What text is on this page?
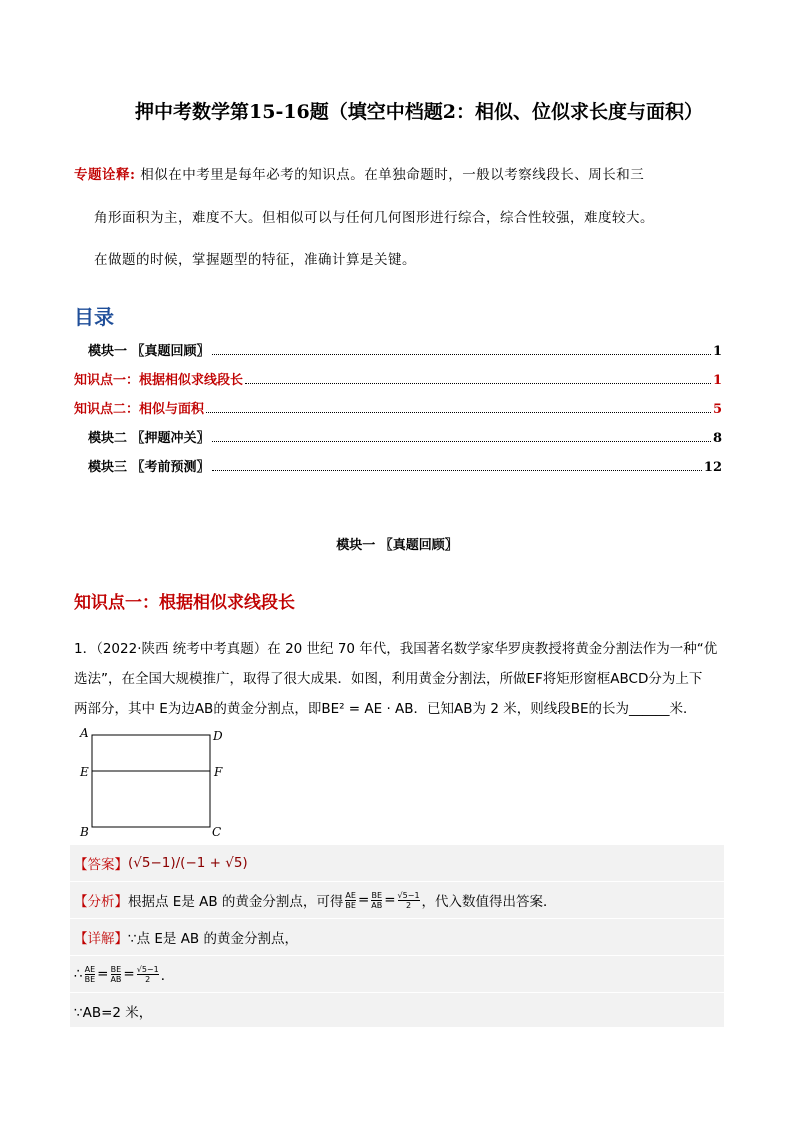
押中考数学第15-16题（填空中档题2：相似、位似求长度与面积）
专题诠释: 相似在中考里是每年必考的知识点。在单独命题时，一般以考察线段长、周长和三
角形面积为主，难度不大。但相似可以与任何几何图形进行综合，综合性较强，难度较大。
在做题的时候，掌握题型的特征，准确计算是关键。
目录
模块一 〖真题回顾〗	1
知识点一：根据相似求线段长	1
知识点二：相似与面积	5
模块二 〖押题冲关〗	8
模块三 〖考前预测〗	12
模块一 〖真题回顾〗
知识点一：根据相似求线段长
1．（2022·陕西 统考中考真题）在 20 世纪 70 年代，我国著名数学家华罗庚教授将黄金分割法作为一种“优
选法”，在全国大规模推广，取得了很大成果．如图，利用黄金分割法，所做EF将矩形窗框ABCD分为上下
两部分，其中 E为边AB的黄金分割点，即BE² = AE · AB．已知AB为 2 米，则线段BE的长为______米．
A	D
E	F
B	C
【答案】 (√5−1)/(−1 + √5)
【分析】 根据点 E是 AB 的黄金分割点，可得 $\frac{AE}{BE} = \frac{BE}{AB} = \frac{√5-1}{2}$ ，代入数值得出答案．
【详解】 ∵点 E是 AB 的黄金分割点，
∴ $\frac{AE}{BE} = \frac{BE}{AB} = \frac{√5-1}{2}$ ．
∵AB=2 米，
